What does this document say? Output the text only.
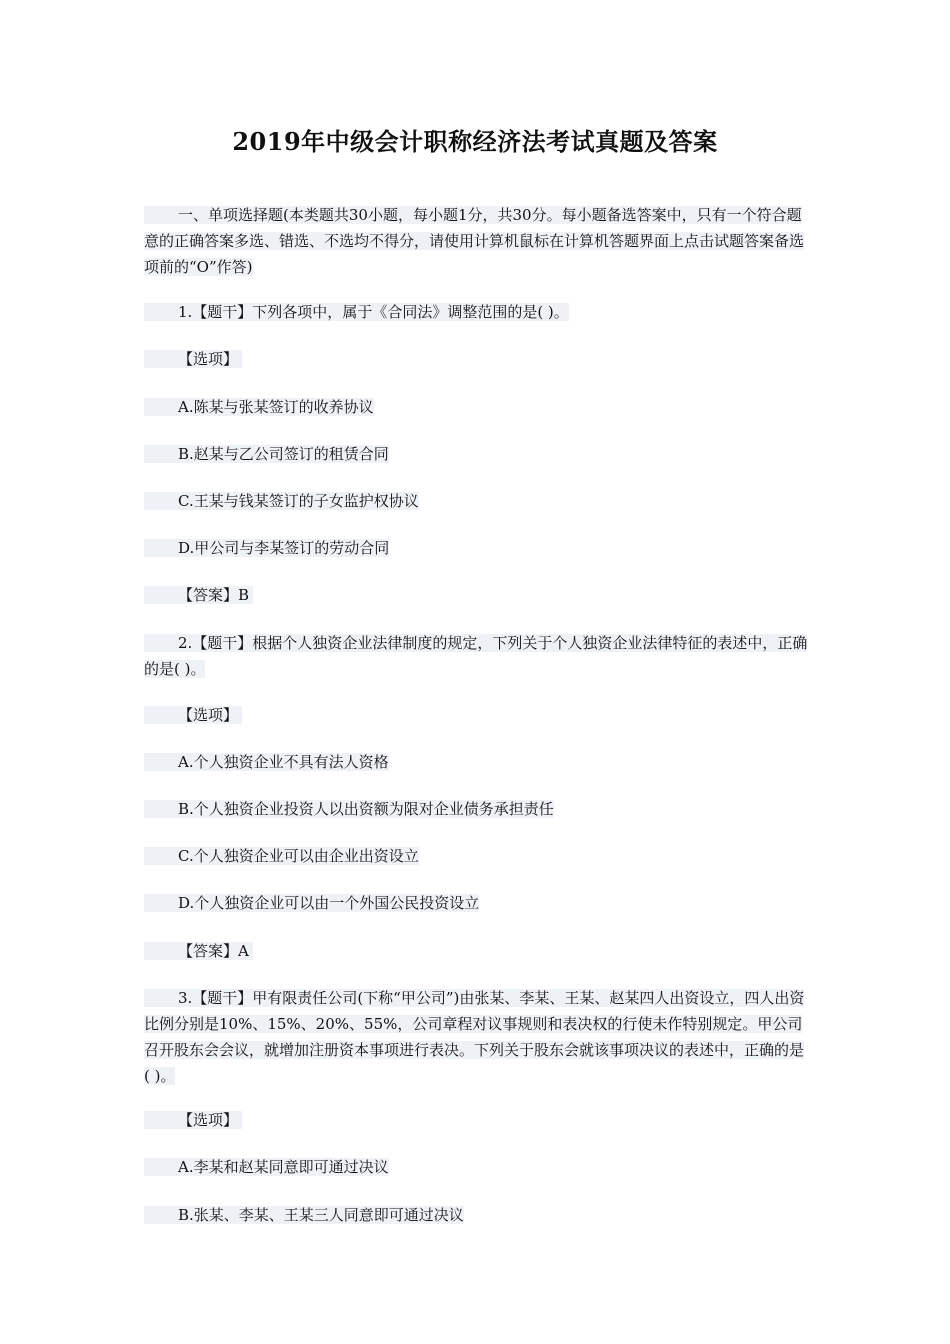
2019年中级会计职称经济法考试真题及答案

一、单项选择题(本类题共30小题，每小题1分，共30分。每小题备选答案中，只有一个符合题意的正确答案多选、错选、不选均不得分，请使用计算机鼠标在计算机答题界面上点击试题答案备选项前的“O”作答)

1.【题干】下列各项中，属于《合同法》调整范围的是( )。

【选项】

A.陈某与张某签订的收养协议

B.赵某与乙公司签订的租赁合同

C.王某与钱某签订的子女监护权协议

D.甲公司与李某签订的劳动合同

【答案】B

2.【题干】根据个人独资企业法律制度的规定，下列关于个人独资企业法律特征的表述中，正确的是( )。

【选项】

A.个人独资企业不具有法人资格

B.个人独资企业投资人以出资额为限对企业债务承担责任

C.个人独资企业可以由企业出资设立

D.个人独资企业可以由一个外国公民投资设立

【答案】A

3.【题干】甲有限责任公司(下称“甲公司”)由张某、李某、王某、赵某四人出资设立，四人出资比例分别是10%、15%、20%、55%，公司章程对议事规则和表决权的行使未作特别规定。甲公司召开股东会会议，就增加注册资本事项进行表决。下列关于股东会就该事项决议的表述中，正确的是( )。

【选项】

A.李某和赵某同意即可通过决议

B.张某、李某、王某三人同意即可通过决议
